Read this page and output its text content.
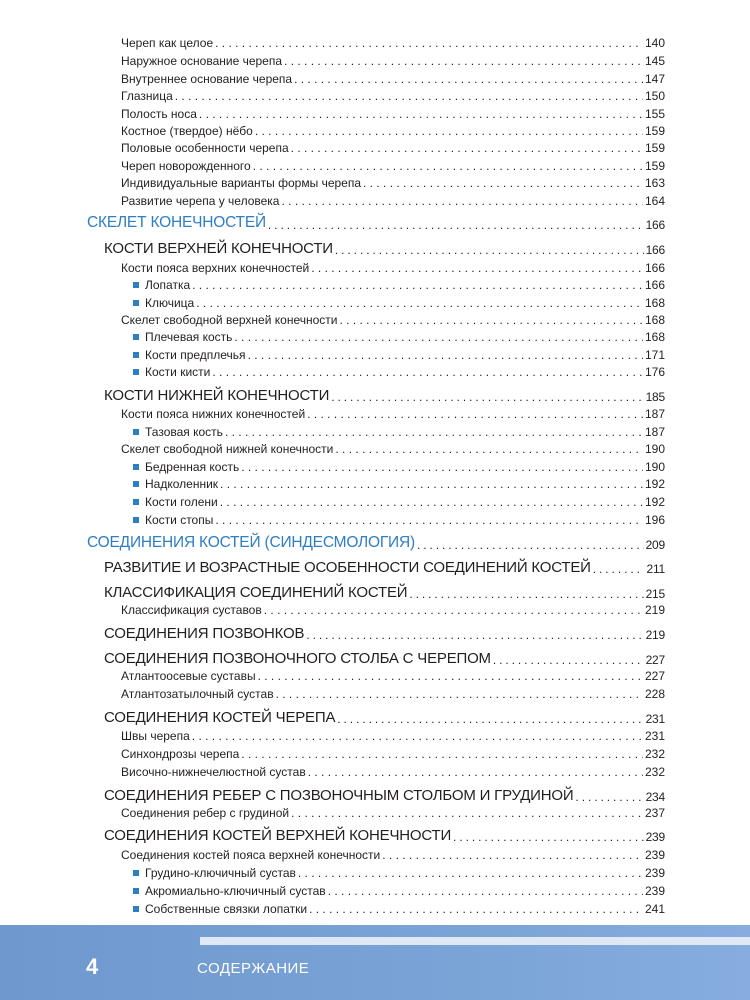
Череп как целое . . .	140
Наружное основание черепа . . .	145
Внутреннее основание черепа . . .	147
Глазница . . .	150
Полость носа . . .	155
Костное (твердое) нёбо . . .	159
Половые особенности черепа . . .	159
Череп новорожденного . . .	159
Индивидуальные варианты формы черепа . . .	163
Развитие черепа у человека . . .	164
СКЕЛЕТ КОНЕЧНОСТЕЙ . . .	166
КОСТИ ВЕРХНЕЙ КОНЕЧНОСТИ . . .	166
Кости пояса верхних конечностей . . .	166
Лопатка . . .	166
Ключица . . .	168
Скелет свободной верхней конечности . . .	168
Плечевая кость . . .	168
Кости предплечья . . .	171
Кости кисти . . .	176
КОСТИ НИЖНЕЙ КОНЕЧНОСТИ . . .	185
Кости пояса нижних конечностей . . .	187
Тазовая кость . . .	187
Скелет свободной нижней конечности . . .	190
Бедренная кость . . .	190
Надколенник . . .	192
Кости голени . . .	192
Кости стопы . . .	196
СОЕДИНЕНИЯ КОСТЕЙ (СИНДЕСМОЛОГИЯ) . . .	209
РАЗВИТИЕ И ВОЗРАСТНЫЕ ОСОБЕННОСТИ СОЕДИНЕНИЙ КОСТЕЙ . . .	211
КЛАССИФИКАЦИЯ СОЕДИНЕНИЙ КОСТЕЙ . . .	215
Классификация суставов . . .	219
СОЕДИНЕНИЯ ПОЗВОНКОВ . . .	219
СОЕДИНЕНИЯ ПОЗВОНОЧНОГО СТОЛБА С ЧЕРЕПОМ . . .	227
Атлантоосевые суставы . . .	227
Атлантозатылочный сустав . . .	228
СОЕДИНЕНИЯ КОСТЕЙ ЧЕРЕПА . . .	231
Швы черепа . . .	231
Синхондрозы черепа . . .	232
Височно-нижнечелюстной сустав . . .	232
СОЕДИНЕНИЯ РЕБЕР С ПОЗВОНОЧНЫМ СТОЛБОМ И ГРУДИНОЙ . . .	234
Соединения ребер с грудиной . . .	237
СОЕДИНЕНИЯ КОСТЕЙ ВЕРХНЕЙ КОНЕЧНОСТИ . . .	239
Соединения костей пояса верхней конечности . . .	239
Грудино-ключичный сустав . . .	239
Акромиально-ключичный сустав . . .	239
Собственные связки лопатки . . .	241
4	СОДЕРЖАНИЕ
